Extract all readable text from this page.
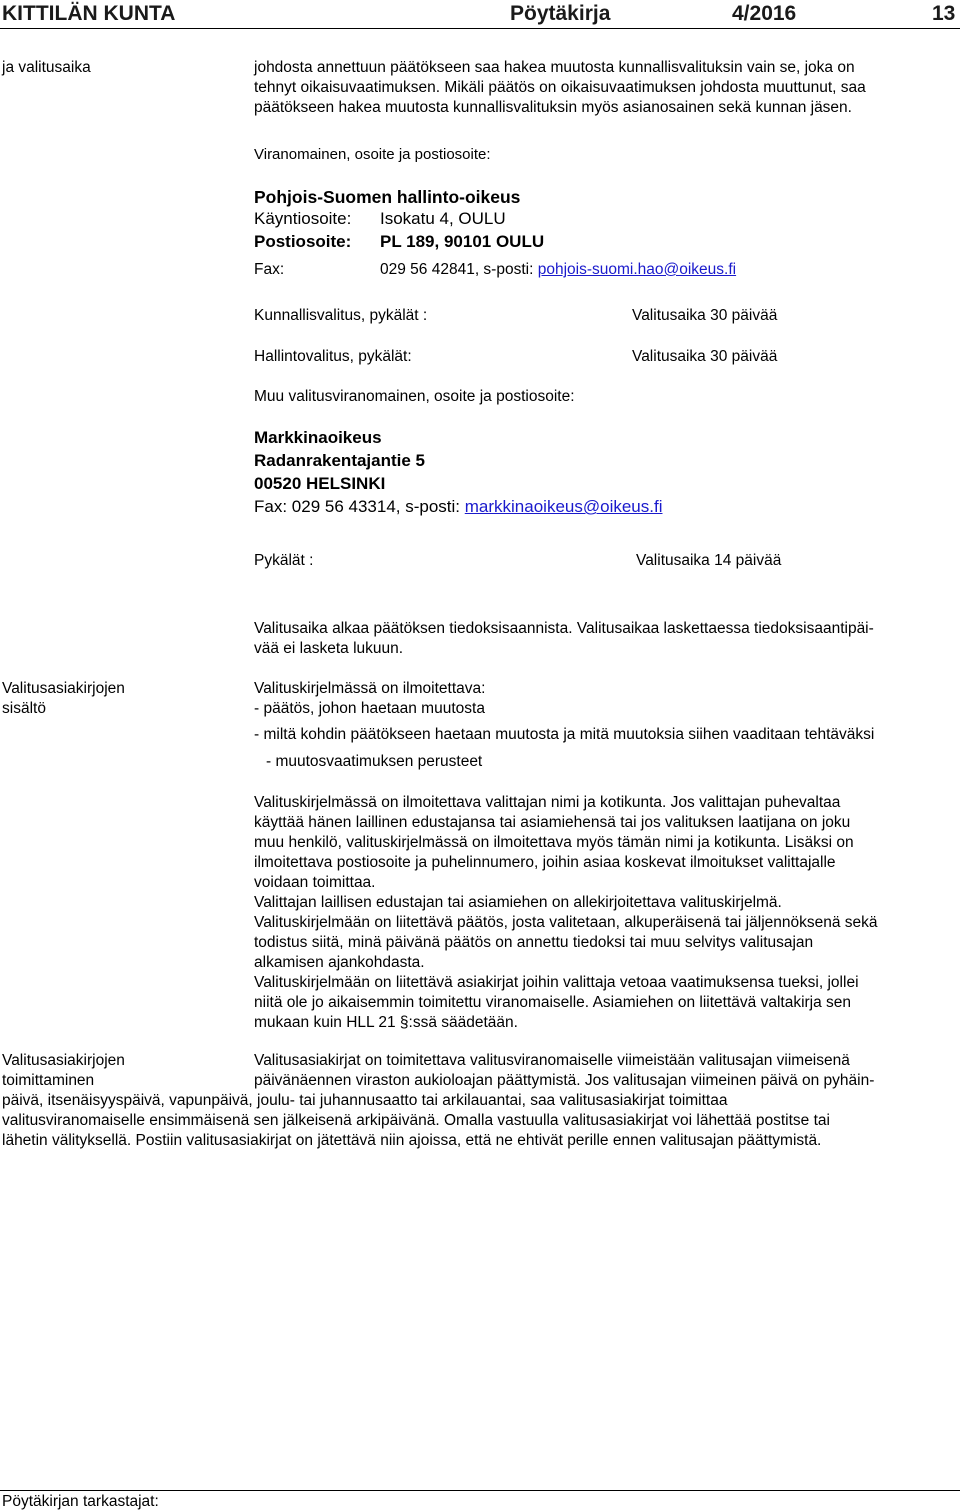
KITTILÄN KUNTA	Pöytäkirja	4/2016	13
ja valitusaika	johdosta annettuun päätökseen saa hakea muutosta kunnallisvalituksin vain se, joka on
tehnyt oikaisuvaatimuksen. Mikäli päätös on oikaisuvaatimuksen johdosta muuttunut, saa
päätökseen hakea muutosta kunnallisvalituksin myös asianosainen sekä kunnan jäsen.
Viranomainen, osoite ja postiosoite:
Pohjois-Suomen hallinto-oikeus
Käyntiosoite: Isokatu 4, OULU
Postiosoite: PL 189, 90101 OULU
Fax:	029 56 42841, s-posti: pohjois-suomi.hao@oikeus.fi
Kunnallisvalitus, pykälät :	Valitusaika 30 päivää
Hallintovalitus, pykälät:	Valitusaika 30 päivää
Muu valitusviranomainen, osoite ja postiosoite:
Markkinaoikeus
Radanrakentajantie 5
00520 HELSINKI
Fax: 029 56 43314, s-posti: markkinaoikeus@oikeus.fi
Pykälät :	Valitusaika 14 päivää
Valitusaika alkaa päätöksen tiedoksisaannista. Valitusaikaa laskettaessa tiedoksisaantipäi-
vää ei lasketa lukuun.
Valitusasiakirjojen
sisältö
Valituskirjelmässä on ilmoitettava:
- päätös, johon haetaan muutosta
- miltä kohdin päätökseen haetaan muutosta ja mitä muutoksia siihen vaaditaan tehtäväksi
- muutosvaatimuksen perusteet
Valituskirjelmässä on ilmoitettava valittajan nimi ja kotikunta. Jos valittajan puhevaltaa
käyttää hänen laillinen edustajansa tai asiamiehensä tai jos valituksen laatijana on joku
muu henkilö, valituskirjelmässä on ilmoitettava myös tämän nimi ja kotikunta. Lisäksi on
ilmoitettava postiosoite ja puhelinnumero, joihin asiaa koskevat ilmoitukset valittajalle
voidaan toimittaa.
Valittajan laillisen edustajan tai asiamiehen on allekirjoitettava valituskirjelmä.
Valituskirjelmään on liitettävä päätös, josta valitetaan, alkuperäisenä tai jäljennöksenä sekä
todistus siitä, minä päivänä päätös on annettu tiedoksi tai muu selvitys valitusajan
alkamisen ajankohdasta.
Valituskirjelmään on liitettävä asiakirjat joihin valittaja vetoaa vaatimuksensa tueksi, jollei
niitä ole jo aikaisemmin toimitettu viranomaiselle. Asiamiehen on liitettävä valtakirja sen
mukaan kuin HLL 21 §:ssä säädetään.
Valitusasiakirjojen
toimittaminen
Valitusasiakirjat on toimitettava valitusviranomaiselle viimeistään valitusajan viimeisenä
päivänäennen viraston aukioloajan päättymistä. Jos valitusajan viimeinen päivä on pyhäin-
päivä, itsenäisyyspäivä, vapunpäivä, joulu- tai juhannusaatto tai arkilauantai, saa valitusasiakirjat toimittaa
valitusviranomaiselle ensimmäisenä sen jälkeisenä arkipäivänä. Omalla vastuulla valitusasiakirjat voi lähettää postitse tai
lähetin välityksellä. Postiin valitusasiakirjat on jätettävä niin ajoissa, että ne ehtivät perille ennen valitusajan päättymistä.
Pöytäkirjan tarkastajat:
